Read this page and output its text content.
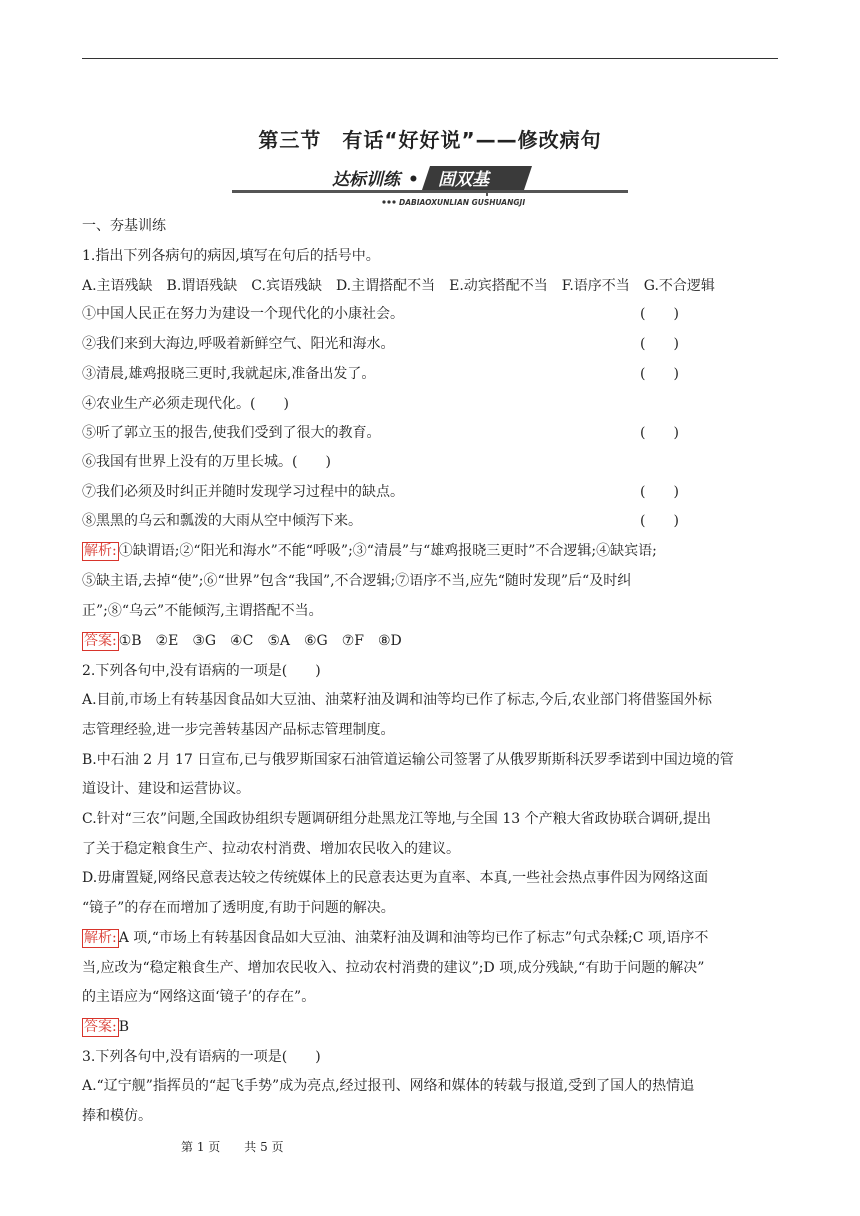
第三节　有话“好好说”——修改病句
达标训练 • 固双基
DABIAOXUNLIAN GUSHUANGJI
一、夯基训练
1.指出下列各病句的病因,填写在句后的括号中。
A.主语残缺　B.谓语残缺　C.宾语残缺　D.主谓搭配不当　E.动宾搭配不当　F.语序不当　G.不合逻辑
①中国人民正在努力为建设一个现代化的小康社会。	(　　)
②我们来到大海边,呼吸着新鲜空气、阳光和海水。	(　　)
③清晨,雄鸡报晓三更时,我就起床,准备出发了。	(　　)
④农业生产必须走现代化。(　　)
⑤听了郭立玉的报告,使我们受到了很大的教育。	(　　)
⑥我国有世界上没有的万里长城。(　　)
⑦我们必须及时纠正并随时发现学习过程中的缺点。	(　　)
⑧黑黑的乌云和瓢泼的大雨从空中倾泻下来。	(　　)
解析: ①缺谓语;②“阳光和海水”不能“呼吸”;③“清晨”与“雄鸡报晓三更时”不合逻辑;④缺宾语;
⑤缺主语,去掉“使”;⑥“世界”包含“我国”,不合逻辑;⑦语序不当,应先“随时发现”后“及时纠
正”;⑧“乌云”不能倾泻,主谓搭配不当。
答案: ①B　②E　③G　④C　⑤A　⑥G　⑦F　⑧D
2.下列各句中,没有语病的一项是(　　)
A.目前,市场上有转基因食品如大豆油、油菜籽油及调和油等均已作了标志,今后,农业部门将借鉴国外标
志管理经验,进一步完善转基因产品标志管理制度。
B.中石油 2 月 17 日宣布,已与俄罗斯国家石油管道运输公司签署了从俄罗斯斯科沃罗季诺到中国边境的管
道设计、建设和运营协议。
C.针对“三农”问题,全国政协组织专题调研组分赴黑龙江等地,与全国 13 个产粮大省政协联合调研,提出
了关于稳定粮食生产、拉动农村消费、增加农民收入的建议。
D.毋庸置疑,网络民意表达较之传统媒体上的民意表达更为直率、本真,一些社会热点事件因为网络这面
“镜子”的存在而增加了透明度,有助于问题的解决。
解析: A 项,“市场上有转基因食品如大豆油、油菜籽油及调和油等均已作了标志”句式杂糅;C 项,语序不
当,应改为“稳定粮食生产、增加农民收入、拉动农村消费的建议”;D 项,成分残缺,“有助于问题的解决”
的主语应为“网络这面‘镜子’的存在”。
答案: B
3.下列各句中,没有语病的一项是(　　)
A.“辽宁舰”指挥员的“起飞手势”成为亮点,经过报刊、网络和媒体的转载与报道,受到了国人的热情追
捧和模仿。
第 1 页　　共 5 页
